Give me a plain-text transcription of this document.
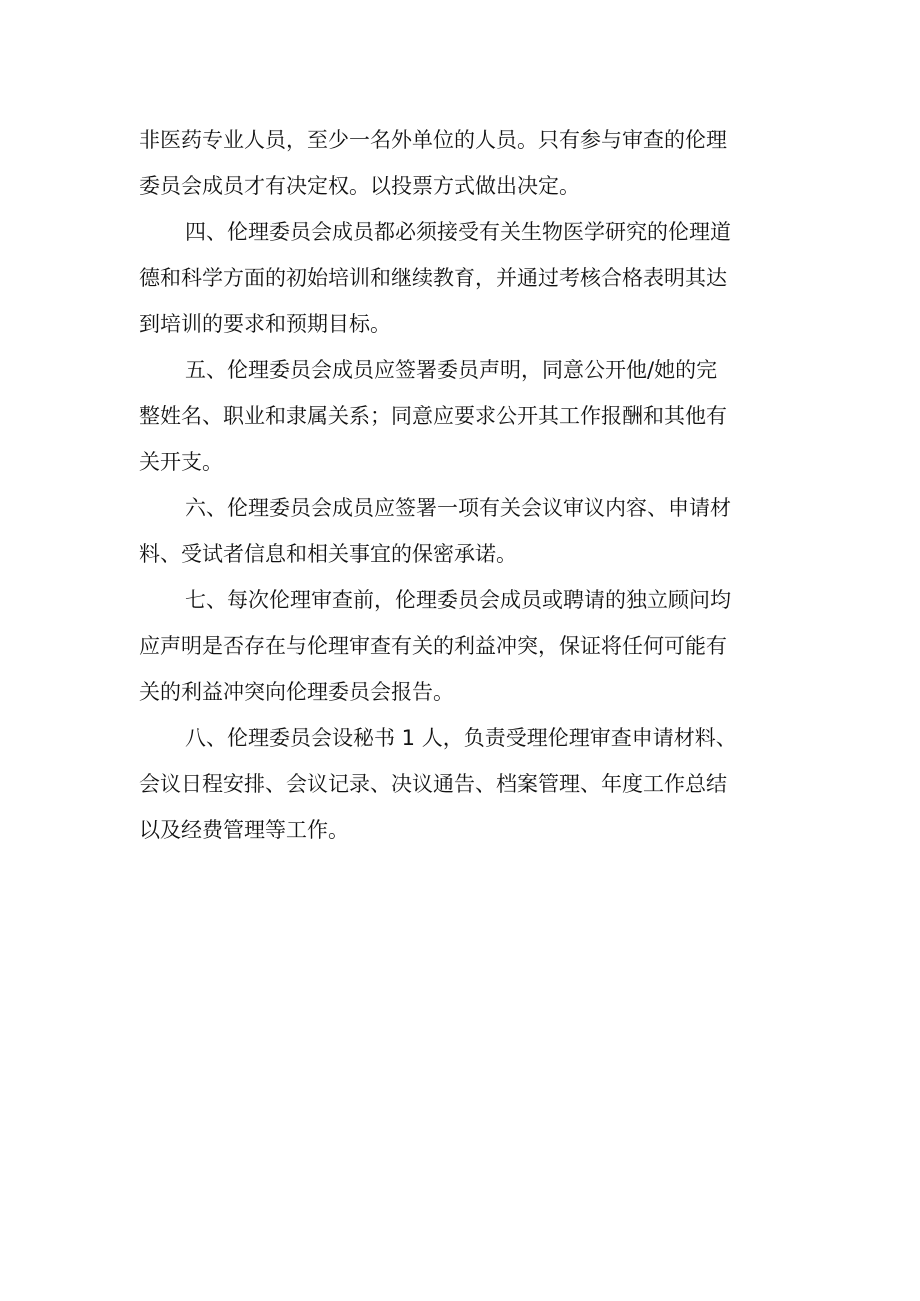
非医药专业人员，至少一名外单位的人员。只有参与审查的伦理
委员会成员才有决定权。以投票方式做出决定。
四、伦理委员会成员都必须接受有关生物医学研究的伦理道
德和科学方面的初始培训和继续教育，并通过考核合格表明其达
到培训的要求和预期目标。
五、伦理委员会成员应签署委员声明，同意公开他/她的完
整姓名、职业和隶属关系；同意应要求公开其工作报酬和其他有
关开支。
六、伦理委员会成员应签署一项有关会议审议内容、申请材
料、受试者信息和相关事宜的保密承诺。
七、每次伦理审查前，伦理委员会成员或聘请的独立顾问均
应声明是否存在与伦理审查有关的利益冲突，保证将任何可能有
关的利益冲突向伦理委员会报告。
八、伦理委员会设秘书 1 人，负责受理伦理审查申请材料、
会议日程安排、会议记录、决议通告、档案管理、年度工作总结
以及经费管理等工作。
